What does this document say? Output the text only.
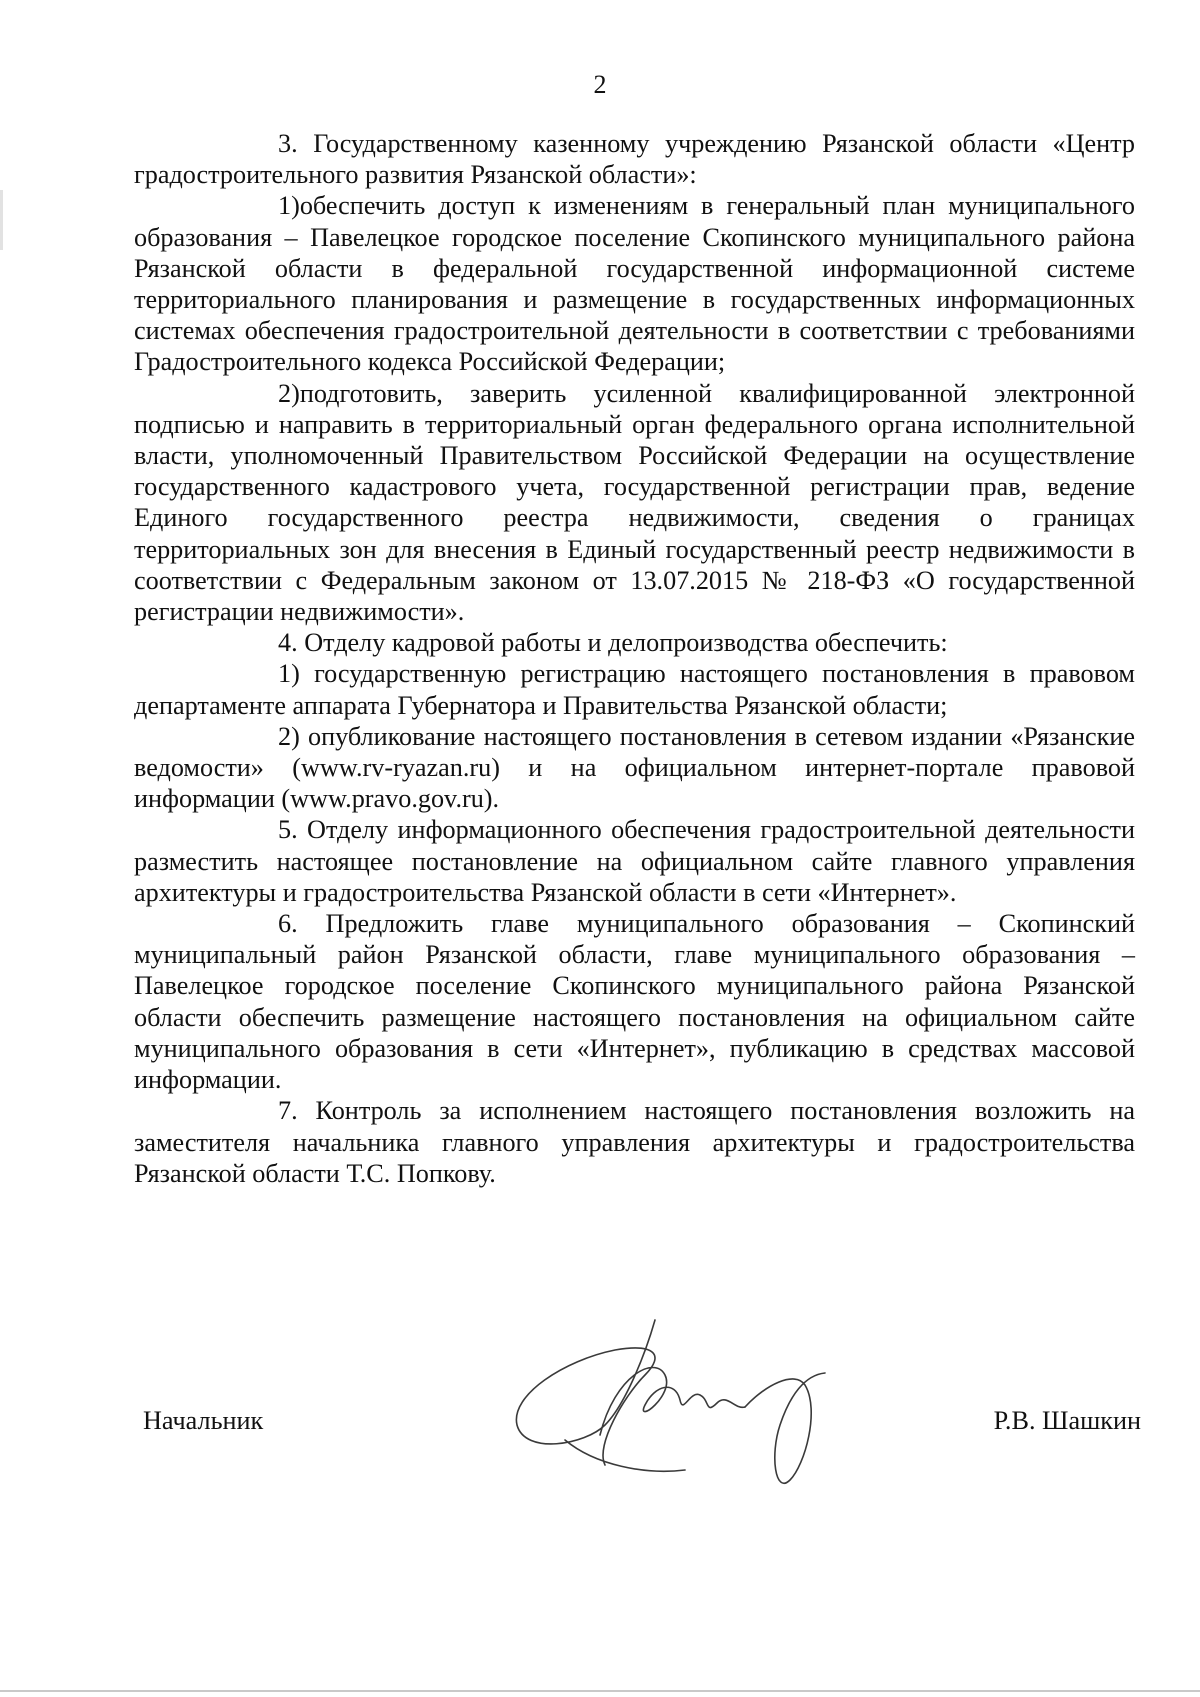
2

3. Государственному казенному учреждению Рязанской области «Центр градостроительного развития Рязанской области»:

1)обеспечить доступ к изменениям в генеральный план муниципального образования – Павелецкое городское поселение Скопинского муниципального района Рязанской области в федеральной государственной информационной системе территориального планирования и размещение в государственных информационных системах обеспечения градостроительной деятельности в соответствии с требованиями Градостроительного кодекса Российской Федерации;

2)подготовить, заверить усиленной квалифицированной электронной подписью и направить в территориальный орган федерального органа исполнительной власти, уполномоченный Правительством Российской Федерации на осуществление государственного кадастрового учета, государственной регистрации прав, ведение Единого государственного реестра недвижимости, сведения о границах территориальных зон для внесения в Единый государственный реестр недвижимости в соответствии с Федеральным законом от 13.07.2015 № 218-ФЗ «О государственной регистрации недвижимости».

4. Отделу кадровой работы и делопроизводства обеспечить:

1) государственную регистрацию настоящего постановления в правовом департаменте аппарата Губернатора и Правительства Рязанской области;

2) опубликование настоящего постановления в сетевом издании «Рязанские ведомости» (www.rv-ryazan.ru) и на официальном интернет-портале правовой информации (www.pravo.gov.ru).

5. Отделу информационного обеспечения градостроительной деятельности разместить настоящее постановление на официальном сайте главного управления архитектуры и градостроительства Рязанской области в сети «Интернет».

6. Предложить главе муниципального образования – Скопинский муниципальный район Рязанской области, главе муниципального образования – Павелецкое городское поселение Скопинского муниципального района Рязанской области обеспечить размещение настоящего постановления на официальном сайте муниципального образования в сети «Интернет», публикацию в средствах массовой информации.

7. Контроль за исполнением настоящего постановления возложить на заместителя начальника главного управления архитектуры и градостроительства Рязанской области Т.С. Попкову.

Начальник	Р.В. Шашкин
